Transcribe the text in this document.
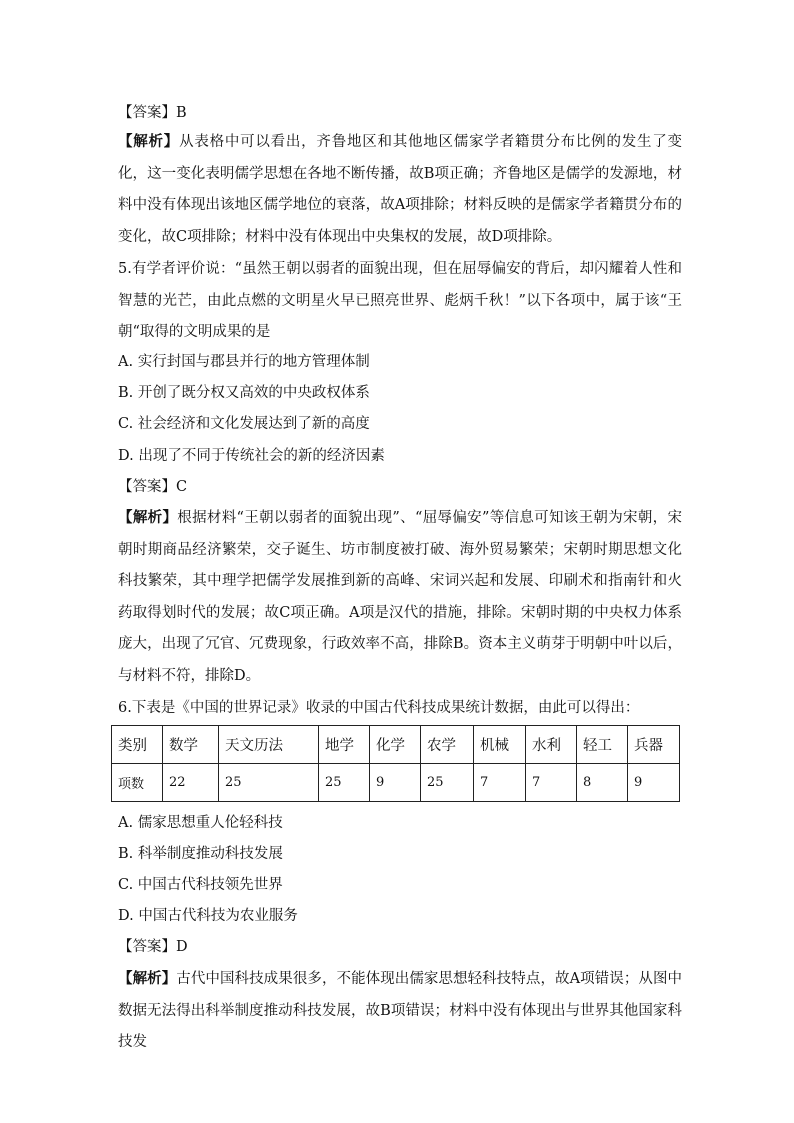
【答案】B
【解析】从表格中可以看出，齐鲁地区和其他地区儒家学者籍贯分布比例的发生了变化，这一变化表明儒学思想在各地不断传播，故B项正确；齐鲁地区是儒学的发源地，材料中没有体现出该地区儒学地位的衰落，故A项排除；材料反映的是儒家学者籍贯分布的变化，故C项排除；材料中没有体现出中央集权的发展，故D项排除。
5.有学者评价说：“虽然王朝以弱者的面貌出现，但在屈辱偏安的背后，却闪耀着人性和智慧的光芒，由此点燃的文明星火早已照亮世界、彪炳千秋！”以下各项中，属于该“王朝“取得的文明成果的是
A. 实行封国与郡县并行的地方管理体制
B. 开创了既分权又高效的中央政权体系
C. 社会经济和文化发展达到了新的高度
D. 出现了不同于传统社会的新的经济因素
【答案】C
【解析】根据材料“王朝以弱者的面貌出现”、“屈辱偏安”等信息可知该王朝为宋朝，宋朝时期商品经济繁荣，交子诞生、坊市制度被打破、海外贸易繁荣；宋朝时期思想文化科技繁荣，其中理学把儒学发展推到新的高峰、宋词兴起和发展、印刷术和指南针和火药取得划时代的发展；故C项正确。A项是汉代的措施，排除。宋朝时期的中央权力体系庞大，出现了冗官、冗费现象，行政效率不高，排除B。资本主义萌芽于明朝中叶以后，与材料不符，排除D。
6.下表是《中国的世界记录》收录的中国古代科技成果统计数据，由此可以得出：
类别	数学	天文历法	地学	化学	农学	机械	水利	轻工	兵器
项数	22	25	25	9	25	7	7	8	9
A. 儒家思想重人伦轻科技
B. 科举制度推动科技发展
C. 中国古代科技领先世界
D. 中国古代科技为农业服务
【答案】D
【解析】古代中国科技成果很多，不能体现出儒家思想轻科技特点，故A项错误；从图中数据无法得出科举制度推动科技发展，故B项错误；材料中没有体现出与世界其他国家科技发
